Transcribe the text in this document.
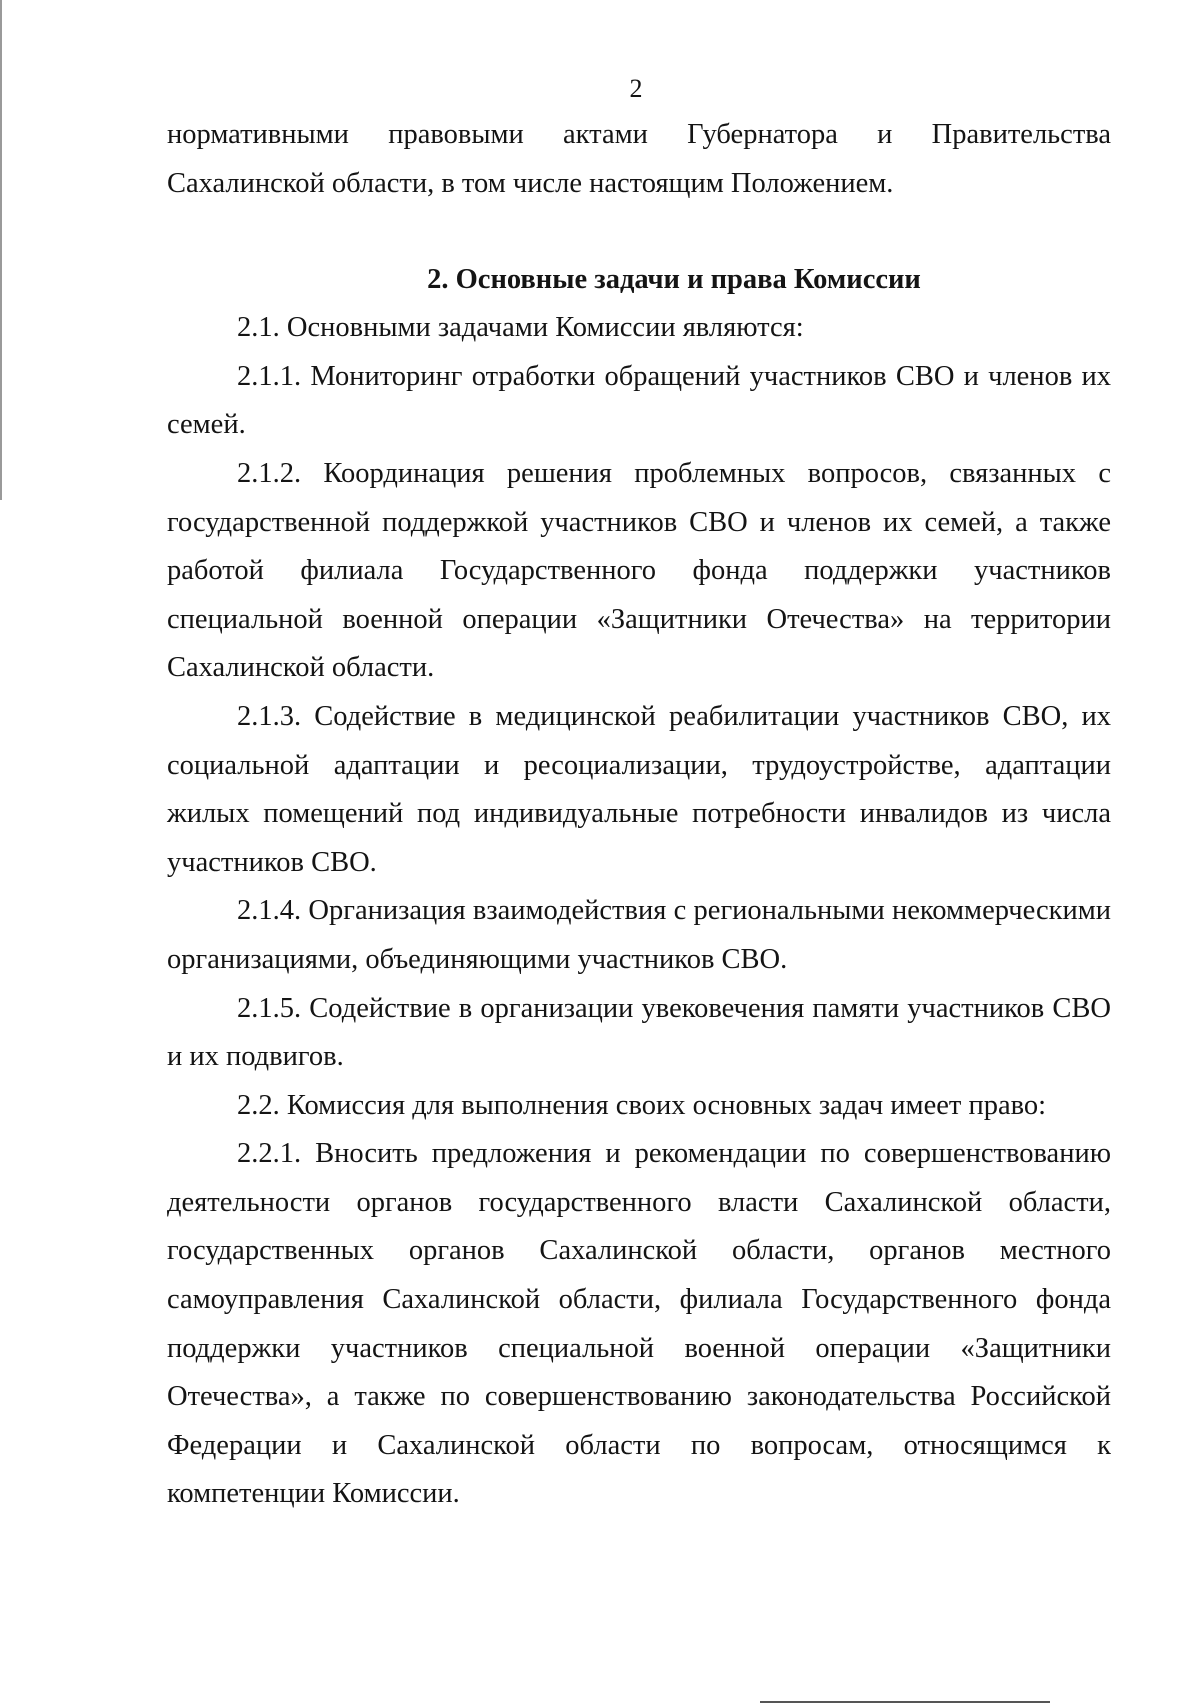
2

нормативными правовыми актами Губернатора и Правительства Сахалинской области, в том числе настоящим Положением.

2. Основные задачи и права Комиссии

2.1. Основными задачами Комиссии являются:

2.1.1. Мониторинг отработки обращений участников СВО и членов их семей.

2.1.2. Координация решения проблемных вопросов, связанных с государственной поддержкой участников СВО и членов их семей, а также работой филиала Государственного фонда поддержки участников специальной военной операции «Защитники Отечества» на территории Сахалинской области.

2.1.3. Содействие в медицинской реабилитации участников СВО, их социальной адаптации и ресоциализации, трудоустройстве, адаптации жилых помещений под индивидуальные потребности инвалидов из числа участников СВО.

2.1.4. Организация взаимодействия с региональными некоммерческими организациями, объединяющими участников СВО.

2.1.5. Содействие в организации увековечения памяти участников СВО и их подвигов.

2.2. Комиссия для выполнения своих основных задач имеет право:

2.2.1. Вносить предложения и рекомендации по совершенствованию деятельности органов государственного власти Сахалинской области, государственных органов Сахалинской области, органов местного самоуправления Сахалинской области, филиала Государственного фонда поддержки участников специальной военной операции «Защитники Отечества», а также по совершенствованию законодательства Российской Федерации и Сахалинской области по вопросам, относящимся к компетенции Комиссии.
